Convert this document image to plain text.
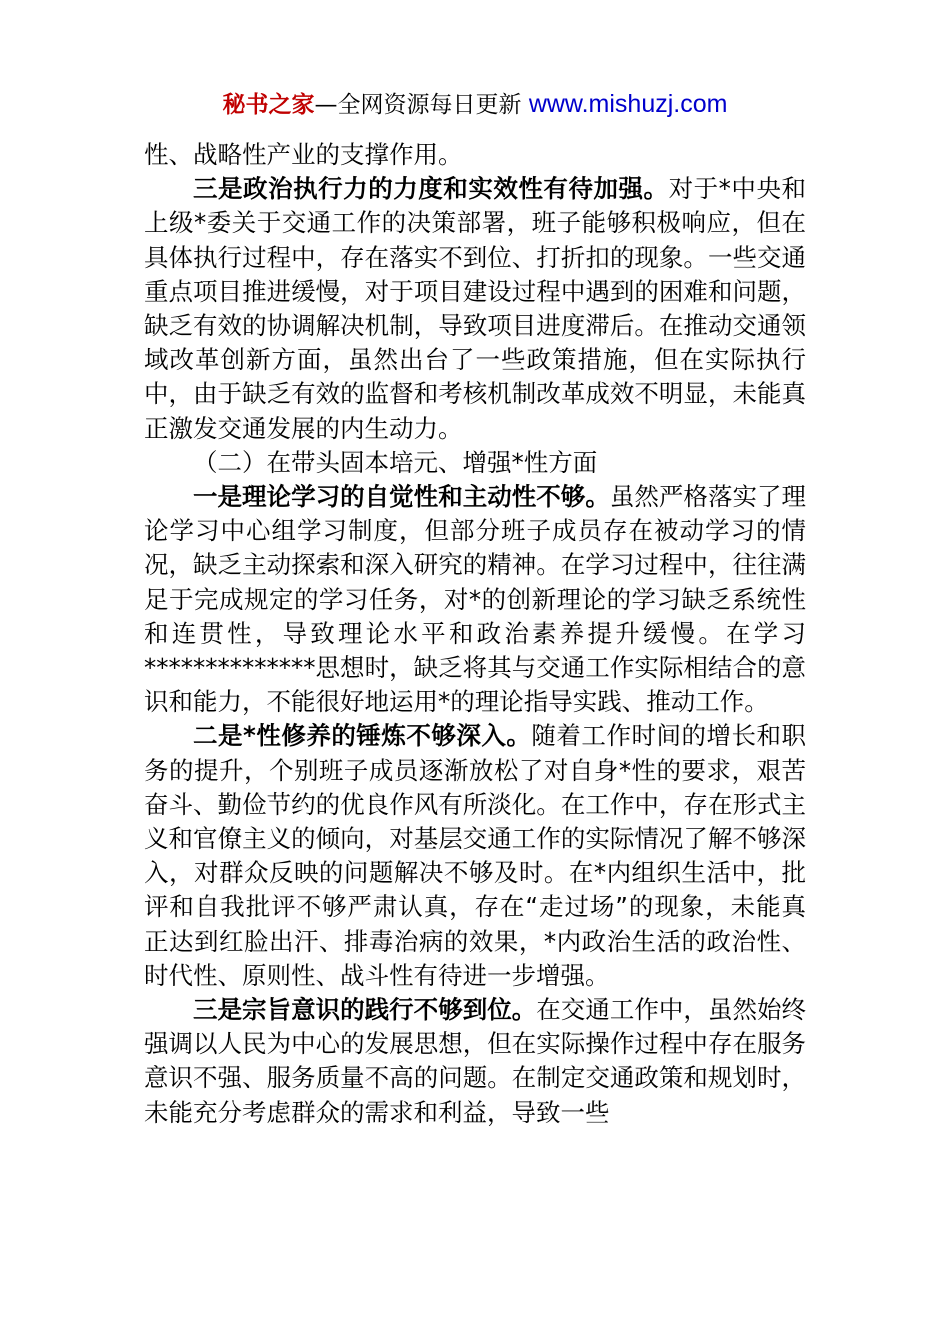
秘书之家—全网资源每日更新 www.mishuzj.com

性、战略性产业的支撑作用。

三是政治执行力的力度和实效性有待加强。对于*中央和上级*委关于交通工作的决策部署，班子能够积极响应，但在具体执行过程中，存在落实不到位、打折扣的现象。一些交通重点项目推进缓慢，对于项目建设过程中遇到的困难和问题，缺乏有效的协调解决机制，导致项目进度滞后。在推动交通领域改革创新方面，虽然出台了一些政策措施，但在实际执行中，由于缺乏有效的监督和考核机制改革成效不明显，未能真正激发交通发展的内生动力。

（二）在带头固本培元、增强*性方面

一是理论学习的自觉性和主动性不够。虽然严格落实了理论学习中心组学习制度，但部分班子成员存在被动学习的情况，缺乏主动探索和深入研究的精神。在学习过程中，往往满足于完成规定的学习任务，对*的创新理论的学习缺乏系统性和连贯性，导致理论水平和政治素养提升缓慢。在学习**************思想时，缺乏将其与交通工作实际相结合的意识和能力，不能很好地运用*的理论指导实践、推动工作。

二是*性修养的锤炼不够深入。随着工作时间的增长和职务的提升，个别班子成员逐渐放松了对自身*性的要求，艰苦奋斗、勤俭节约的优良作风有所淡化。在工作中，存在形式主义和官僚主义的倾向，对基层交通工作的实际情况了解不够深入，对群众反映的问题解决不够及时。在*内组织生活中，批评和自我批评不够严肃认真，存在“走过场”的现象，未能真正达到红脸出汗、排毒治病的效果，*内政治生活的政治性、时代性、原则性、战斗性有待进一步增强。

三是宗旨意识的践行不够到位。在交通工作中，虽然始终强调以人民为中心的发展思想，但在实际操作过程中存在服务意识不强、服务质量不高的问题。在制定交通政策和规划时，未能充分考虑群众的需求和利益，导致一些
